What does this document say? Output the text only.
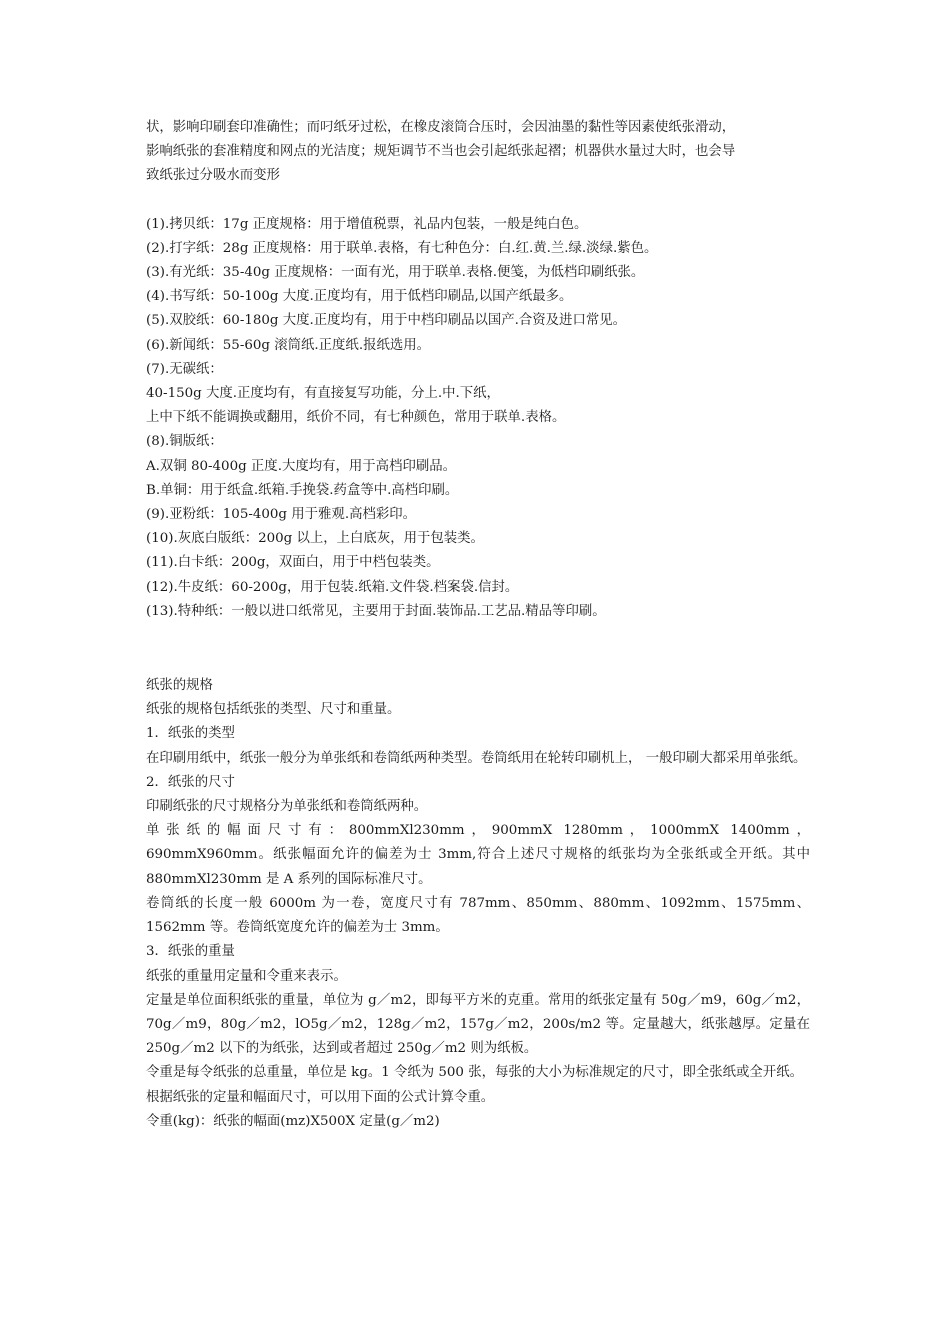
状，影响印刷套印准确性；而叼纸牙过松，在橡皮滚筒合压时，会因油墨的黏性等因素使纸张滑动，

影响纸张的套准精度和网点的光洁度；规矩调节不当也会引起纸张起褶；机器供水量过大时，也会导

致纸张过分吸水而变形

(1).拷贝纸：17g 正度规格：用于增值税票，礼品内包装，一般是纯白色。

(2).打字纸：28g 正度规格：用于联单.表格，有七种色分：白.红.黄.兰.绿.淡绿.紫色。

(3).有光纸：35-40g 正度规格：一面有光，用于联单.表格.便笺，为低档印刷纸张。

(4).书写纸：50-100g 大度.正度均有，用于低档印刷品,以国产纸最多。

(5).双胶纸：60-180g 大度.正度均有，用于中档印刷品以国产.合资及进口常见。

(6).新闻纸：55-60g 滚筒纸.正度纸.报纸选用。

(7).无碳纸：

40-150g 大度.正度均有，有直接复写功能，分上.中.下纸，

上中下纸不能调换或翻用，纸价不同，有七种颜色，常用于联单.表格。

(8).铜版纸：

A.双铜 80-400g 正度.大度均有，用于高档印刷品。

B.单铜：用于纸盒.纸箱.手挽袋.药盒等中.高档印刷。

(9).亚粉纸：105-400g 用于雅观.高档彩印。

(10).灰底白版纸：200g 以上，上白底灰，用于包装类。

(11).白卡纸：200g，双面白，用于中档包装类。

(12).牛皮纸：60-200g，用于包装.纸箱.文件袋.档案袋.信封。

(13).特种纸：一般以进口纸常见，主要用于封面.装饰品.工艺品.精品等印刷。

纸张的规格

纸张的规格包括纸张的类型、尺寸和重量。

1．纸张的类型

在印刷用纸中，纸张一般分为单张纸和卷筒纸两种类型。卷筒纸用在轮转印刷机上， 一般印刷大都采用单张纸。

2．纸张的尺寸

印刷纸张的尺寸规格分为单张纸和卷筒纸两种。

单张纸的幅面尺寸有：800mmXl230mm，900mmX 1280mm，1000mmX 1400mm， 690mmX960mm。纸张幅面允许的偏差为士 3mm,符合上述尺寸规格的纸张均为全张纸或全开纸。其中 880mmXl230mm 是 A 系列的国际标准尺寸。

卷筒纸的长度一般 6000m 为一卷，宽度尺寸有 787mm、850mm、880mm、1092mm、1575mm、1562mm 等。卷筒纸宽度允许的偏差为士 3mm。

3．纸张的重量

纸张的重量用定量和令重来表示。

定量是单位面积纸张的重量，单位为 g／m2，即每平方米的克重。常用的纸张定量有 50g／m9，60g／m2，70g／m9，80g／m2，lO5g／m2，128g／m2，157g／m2，200s/m2 等。定量越大，纸张越厚。定量在 250g／m2 以下的为纸张，达到或者超过 250g／m2 则为纸板。

令重是每令纸张的总重量，单位是 kg。1 令纸为 500 张，每张的大小为标准规定的尺寸，即全张纸或全开纸。

根据纸张的定量和幅面尺寸，可以用下面的公式计算令重。

令重(kg)：纸张的幅面(mz)X500X 定量(g／m2)
